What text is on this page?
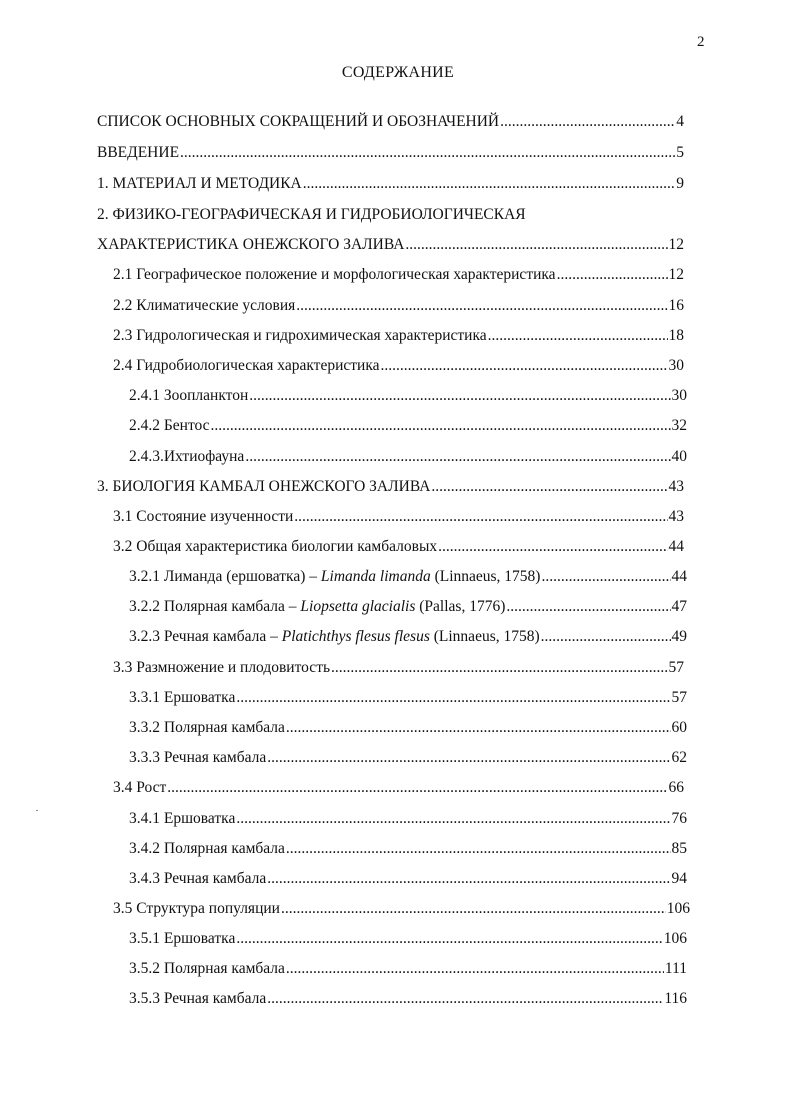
2
СОДЕРЖАНИЕ
СПИСОК ОСНОВНЫХ СОКРАЩЕНИЙ И ОБОЗНАЧЕНИЙ .....	4
ВВЕДЕНИЕ .....	5
1. МАТЕРИАЛ И МЕТОДИКА .....	9
2. ФИЗИКО-ГЕОГРАФИЧЕСКАЯ И ГИДРОБИОЛОГИЧЕСКАЯ
ХАРАКТЕРИСТИКА ОНЕЖСКОГО ЗАЛИВА .....	12
2.1 Географическое положение и морфологическая характеристика .....	12
2.2 Климатические условия .....	16
2.3 Гидрологическая и гидрохимическая характеристика .....	18
2.4 Гидробиологическая характеристика .....	30
2.4.1 Зоопланктон .....	30
2.4.2 Бентос .....	32
2.4.3.Ихтиофауна .....	40
3. БИОЛОГИЯ КАМБАЛ ОНЕЖСКОГО ЗАЛИВА .....	43
3.1 Состояние изученности .....	43
3.2 Общая характеристика биологии камбаловых .....	44
3.2.1 Лиманда (ершоватка) – Limanda limanda (Linnaeus, 1758) .....	44
3.2.2 Полярная камбала – Liopsetta glacialis (Pallas, 1776) .....	47
3.2.3 Речная камбала – Platichthys flesus flesus (Linnaeus, 1758) .....	49
3.3 Размножение и плодовитость .....	57
3.3.1 Ершоватка .....	57
3.3.2 Полярная камбала .....	60
3.3.3 Речная камбала .....	62
3.4 Рост .....	66
3.4.1 Ершоватка .....	76
3.4.2 Полярная камбала .....	85
3.4.3 Речная камбала .....	94
3.5 Структура популяции .....	106
3.5.1 Ершоватка .....	106
3.5.2 Полярная камбала .....	111
3.5.3 Речная камбала .....	116
